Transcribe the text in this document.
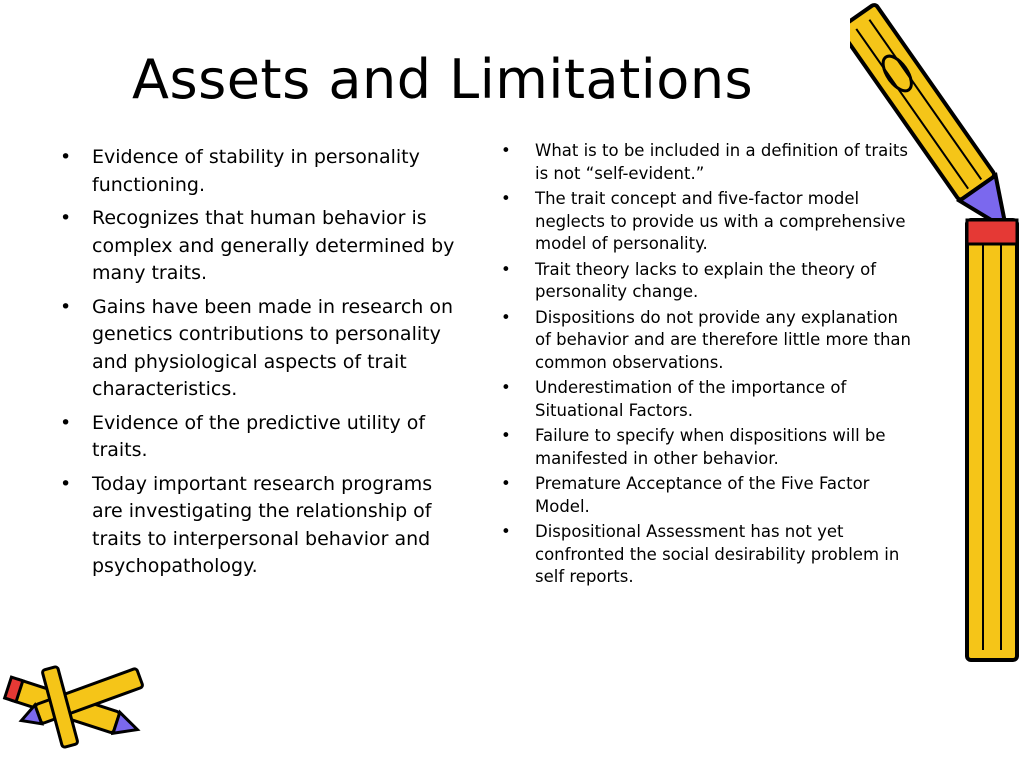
Assets and Limitations
• Evidence of stability in personality functioning.
• Recognizes that human behavior is complex and generally determined by many traits.
• Gains have been made in research on genetics contributions to personality and physiological aspects of trait characteristics.
• Evidence of the predictive utility of traits.
• Today important research programs are investigating the relationship of traits to interpersonal behavior and psychopathology.
• What is to be included in a definition of traits is not “self-evident.”
• The trait concept and five-factor model neglects to provide us with a comprehensive model of personality.
• Trait theory lacks to explain the theory of personality change.
• Dispositions do not provide any explanation of behavior and are therefore little more than common observations.
• Underestimation of the importance of Situational Factors.
• Failure to specify when dispositions will be manifested in other behavior.
• Premature Acceptance of the Five Factor Model.
• Dispositional Assessment has not yet confronted the social desirability problem in self reports.
